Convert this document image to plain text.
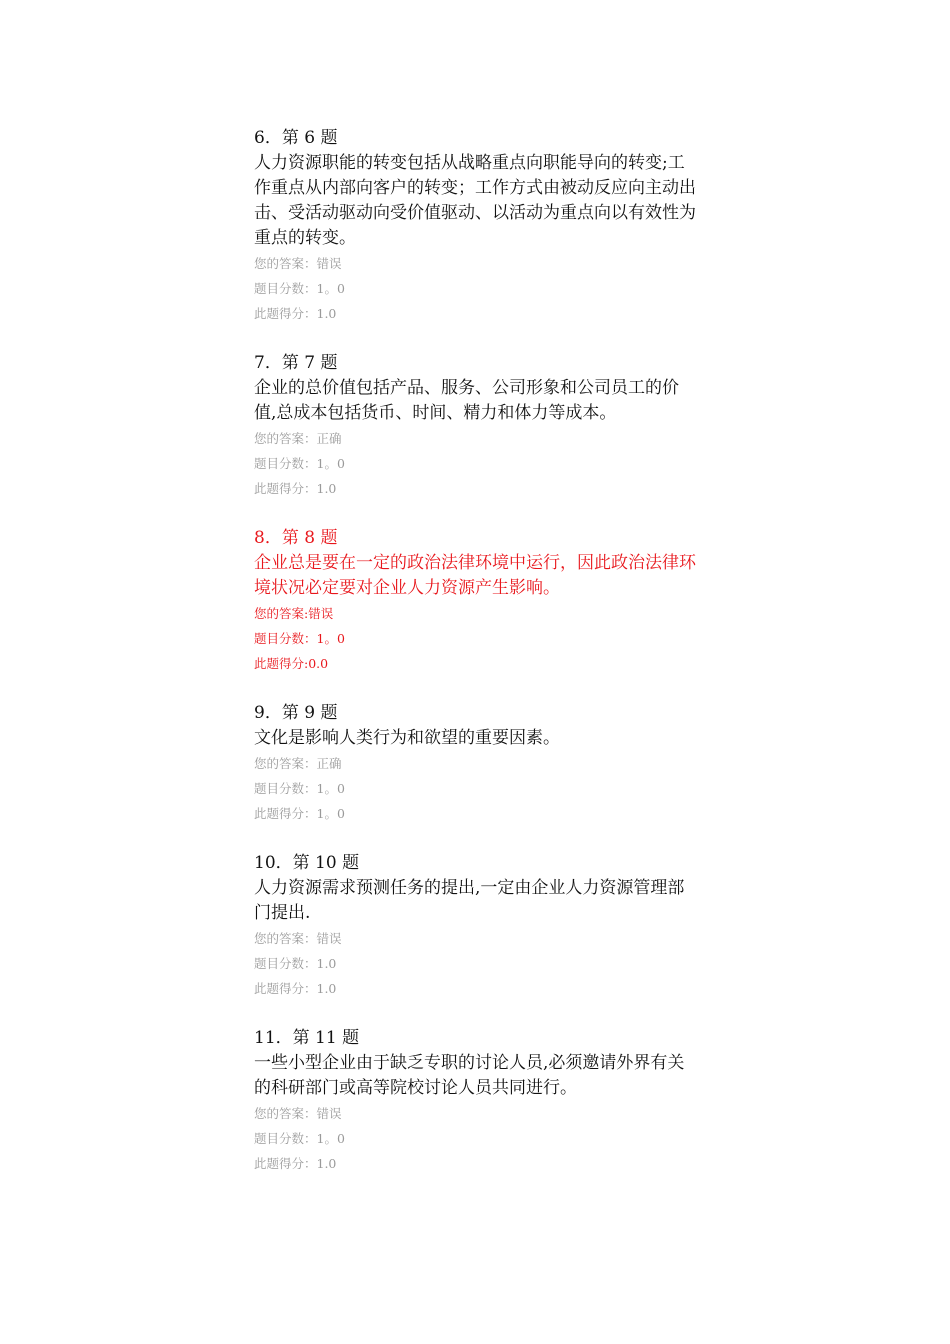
6．第 6 题
人力资源职能的转变包括从战略重点向职能导向的转变;工作重点从内部向客户的转变；工作方式由被动反应向主动出击、受活动驱动向受价值驱动、以活动为重点向以有效性为重点的转变。
您的答案：错误
题目分数：1。0
此题得分：1.0
7．第 7 题
企业的总价值包括产品、服务、公司形象和公司员工的价值,总成本包括货币、时间、精力和体力等成本。
您的答案：正确
题目分数：1。0
此题得分：1.0
8．第 8 题
企业总是要在一定的政治法律环境中运行，因此政治法律环境状况必定要对企业人力资源产生影响。
您的答案:错误
题目分数：1。0
此题得分:0.0
9．第 9 题
文化是影响人类行为和欲望的重要因素。
您的答案：正确
题目分数：1。0
此题得分：1。0
10．第 10 题
人力资源需求预测任务的提出,一定由企业人力资源管理部门提出.
您的答案：错误
题目分数：1.0
此题得分：1.0
11．第 11 题
一些小型企业由于缺乏专职的讨论人员,必须邀请外界有关的科研部门或高等院校讨论人员共同进行。
您的答案：错误
题目分数：1。0
此题得分：1.0
